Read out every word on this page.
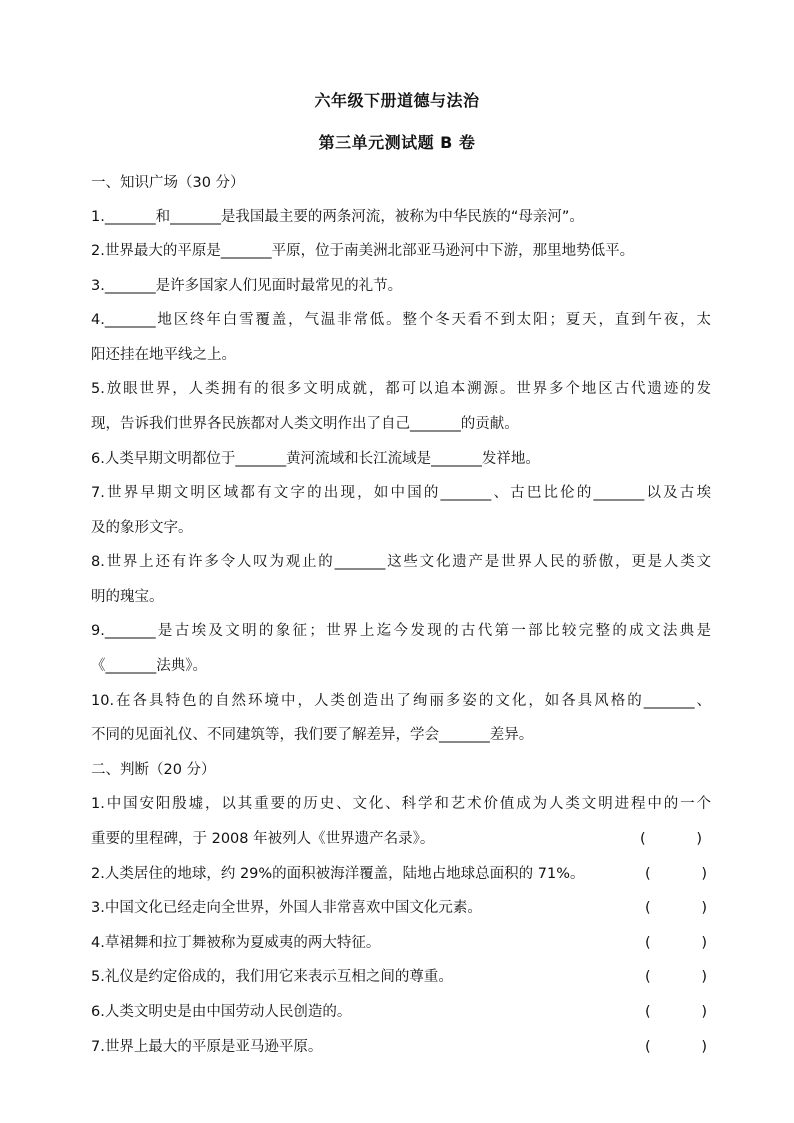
六年级下册道德与法治
第三单元测试题 B 卷
一、知识广场（30 分）
1._______和_______是我国最主要的两条河流，被称为中华民族的“母亲河”。
2.世界最大的平原是_______平原，位于南美洲北部亚马逊河中下游，那里地势低平。
3._______是许多国家人们见面时最常见的礼节。
4._______地区终年白雪覆盖，气温非常低。整个冬天看不到太阳；夏天，直到午夜，太
阳还挂在地平线之上。
5.放眼世界，人类拥有的很多文明成就，都可以追本溯源。世界多个地区古代遗迹的发
现，告诉我们世界各民族都对人类文明作出了自己_______的贡献。
6.人类早期文明都位于_______黄河流域和长江流域是_______发祥地。
7.世界早期文明区域都有文字的出现，如中国的_______、古巴比伦的_______以及古埃
及的象形文字。
8.世界上还有许多令人叹为观止的_______这些文化遗产是世界人民的骄傲，更是人类文
明的瑰宝。
9._______是古埃及文明的象征；世界上迄今发现的古代第一部比较完整的成文法典是
《_______法典》。
10.在各具特色的自然环境中，人类创造出了绚丽多姿的文化，如各具风格的_______、
不同的见面礼仪、不同建筑等，我们要了解差异，学会_______差异。
二、判断（20 分）
1.中国安阳殷墟，以其重要的历史、文化、科学和艺术价值成为人类文明进程中的一个
重要的里程碑，于 2008 年被列人《世界遗产名录》。	(	)
2.人类居住的地球，约 29%的面积被海洋覆盖，陆地占地球总面积的 71%。	(	)
3.中国文化已经走向全世界，外国人非常喜欢中国文化元素。	(	)
4.草裙舞和拉丁舞被称为夏威夷的两大特征。	(	)
5.礼仪是约定俗成的，我们用它来表示互相之间的尊重。	(	)
6.人类文明史是由中国劳动人民创造的。	(	)
7.世界上最大的平原是亚马逊平原。	(	)
